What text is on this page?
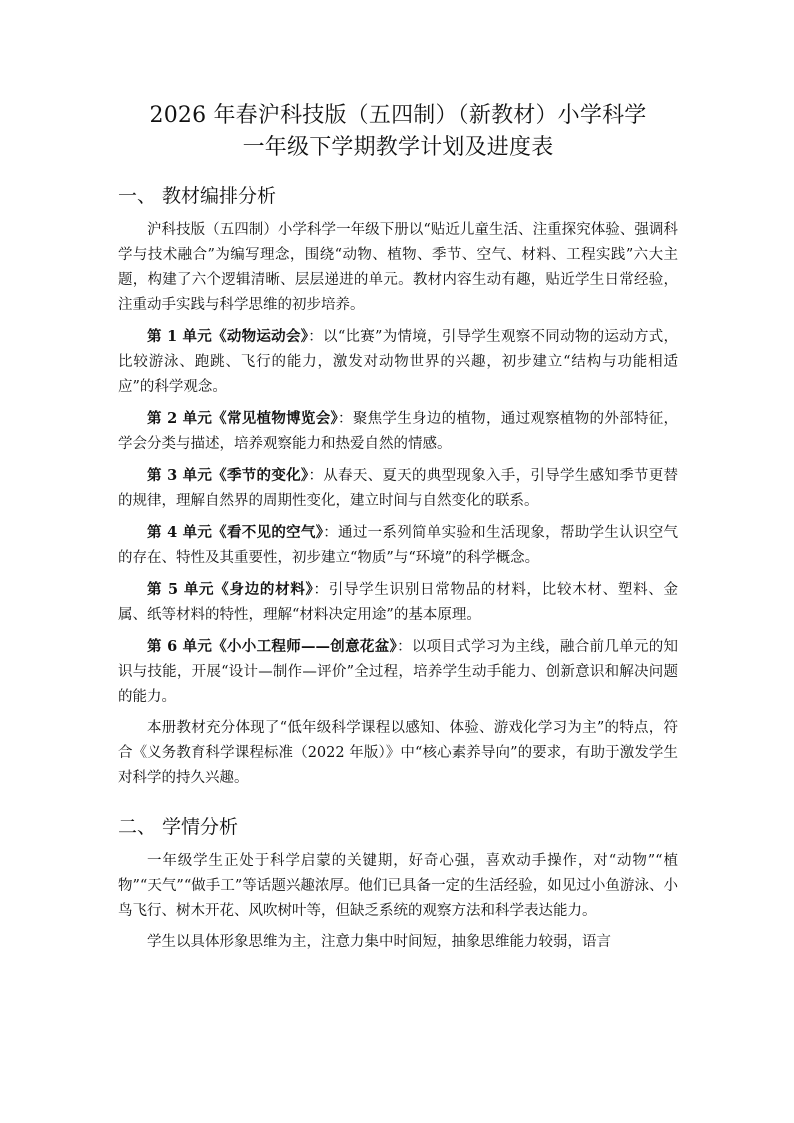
2026 年春沪科技版（五四制）（新教材）小学科学
一年级下学期教学计划及进度表
一、 教材编排分析

沪科技版（五四制）小学科学一年级下册以“贴近儿童生活、注重探究体验、强调科学与技术融合”为编写理念，围绕“动物、植物、季节、空气、材料、工程实践”六大主题，构建了六个逻辑清晰、层层递进的单元。教材内容生动有趣，贴近学生日常经验，注重动手实践与科学思维的初步培养。

第 1 单元《动物运动会》：以“比赛”为情境，引导学生观察不同动物的运动方式，比较游泳、跑跳、飞行的能力，激发对动物世界的兴趣，初步建立“结构与功能相适应”的科学观念。

第 2 单元《常见植物博览会》：聚焦学生身边的植物，通过观察植物的外部特征，学会分类与描述，培养观察能力和热爱自然的情感。

第 3 单元《季节的变化》：从春天、夏天的典型现象入手，引导学生感知季节更替的规律，理解自然界的周期性变化，建立时间与自然变化的联系。

第 4 单元《看不见的空气》：通过一系列简单实验和生活现象，帮助学生认识空气的存在、特性及其重要性，初步建立“物质”与“环境”的科学概念。

第 5 单元《身边的材料》：引导学生识别日常物品的材料，比较木材、塑料、金属、纸等材料的特性，理解“材料决定用途”的基本原理。

第 6 单元《小小工程师——创意花盆》：以项目式学习为主线，融合前几单元的知识与技能，开展“设计—制作—评价”全过程，培养学生动手能力、创新意识和解决问题的能力。

本册教材充分体现了“低年级科学课程以感知、体验、游戏化学习为主”的特点，符合《义务教育科学课程标准（2022 年版）》中“核心素养导向”的要求，有助于激发学生对科学的持久兴趣。

二、 学情分析

一年级学生正处于科学启蒙的关键期，好奇心强，喜欢动手操作，对“动物”“植物”“天气”“做手工”等话题兴趣浓厚。他们已具备一定的生活经验，如见过小鱼游泳、小鸟飞行、树木开花、风吹树叶等，但缺乏系统的观察方法和科学表达能力。

学生以具体形象思维为主，注意力集中时间短，抽象思维能力较弱，语言
